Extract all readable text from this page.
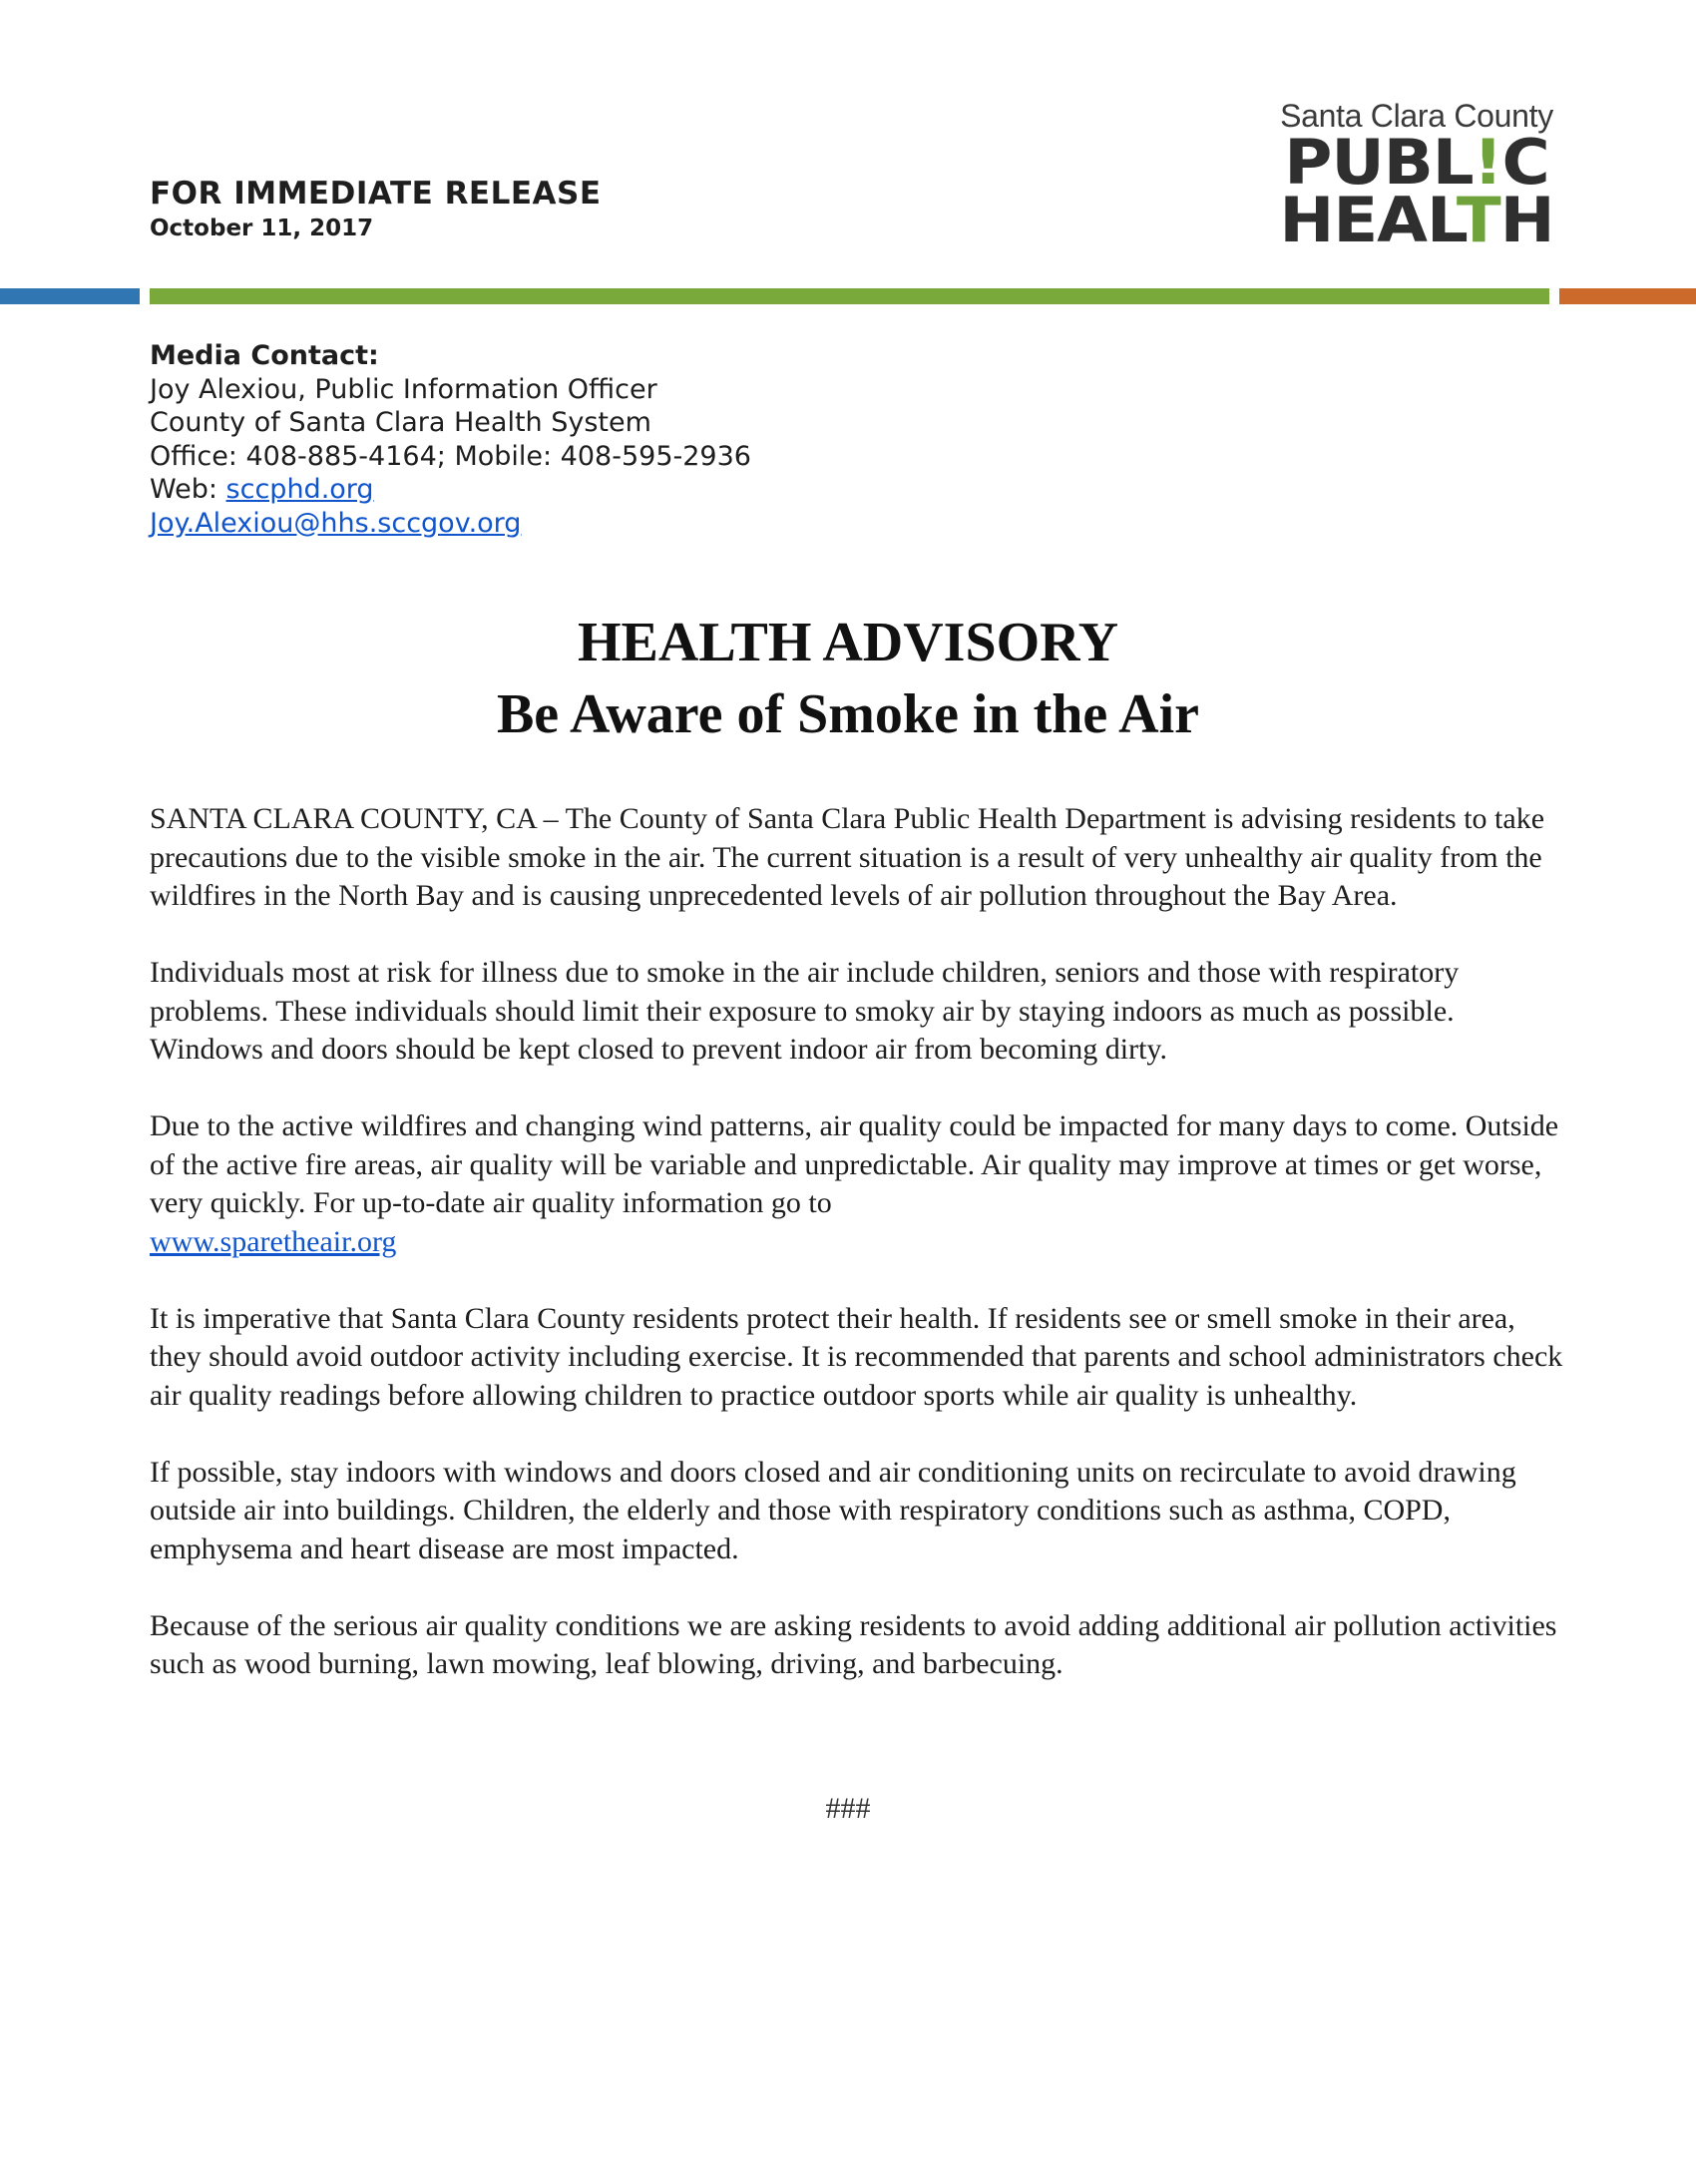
FOR IMMEDIATE RELEASE
October 11, 2017
Santa Clara County
PUBL!C
HEALTH
Media Contact:
Joy Alexiou, Public Information Officer
County of Santa Clara Health System
Office: 408-885-4164; Mobile: 408-595-2936
Web: sccphd.org
Joy.Alexiou@hhs.sccgov.org
HEALTH ADVISORY
Be Aware of Smoke in the Air

SANTA CLARA COUNTY, CA – The County of Santa Clara Public Health Department is advising residents to take precautions due to the visible smoke in the air. The current situation is a result of very unhealthy air quality from the wildfires in the North Bay and is causing unprecedented levels of air pollution throughout the Bay Area.

Individuals most at risk for illness due to smoke in the air include children, seniors and those with respiratory problems. These individuals should limit their exposure to smoky air by staying indoors as much as possible. Windows and doors should be kept closed to prevent indoor air from becoming dirty.

Due to the active wildfires and changing wind patterns, air quality could be impacted for many days to come. Outside of the active fire areas, air quality will be variable and unpredictable. Air quality may improve at times or get worse, very quickly. For up-to-date air quality information go to
www.sparetheair.org

It is imperative that Santa Clara County residents protect their health. If residents see or smell smoke in their area, they should avoid outdoor activity including exercise. It is recommended that parents and school administrators check air quality readings before allowing children to practice outdoor sports while air quality is unhealthy.

If possible, stay indoors with windows and doors closed and air conditioning units on recirculate to avoid drawing outside air into buildings. Children, the elderly and those with respiratory conditions such as asthma, COPD, emphysema and heart disease are most impacted.

Because of the serious air quality conditions we are asking residents to avoid adding additional air pollution activities such as wood burning, lawn mowing, leaf blowing, driving, and barbecuing.

###
